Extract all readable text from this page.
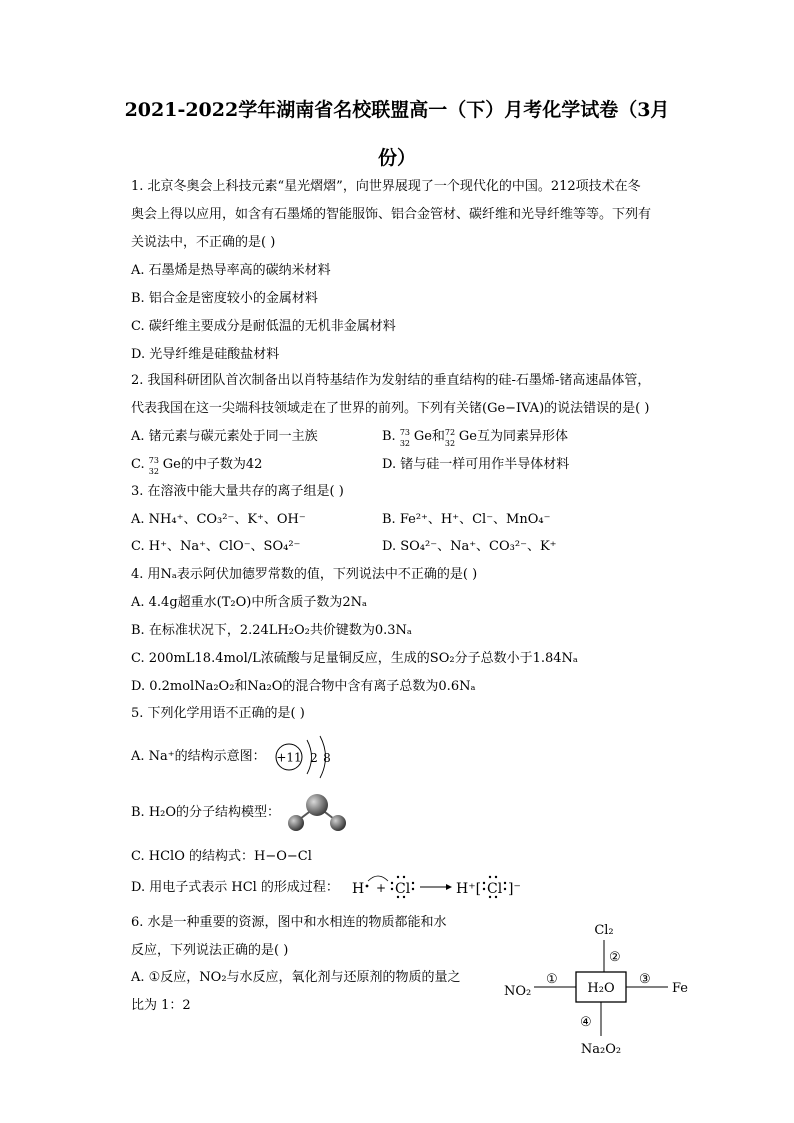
2021-2022学年湖南省名校联盟高一（下）月考化学试卷（3月
份）
1. 北京冬奥会上科技元素“星光熠熠”，向世界展现了一个现代化的中国。212项技术在冬
奥会上得以应用，如含有石墨烯的智能服饰、铝合金管材、碳纤维和光导纤维等等。下列有
关说法中，不正确的是( )
A. 石墨烯是热导率高的碳纳米材料
B. 铝合金是密度较小的金属材料
C. 碳纤维主要成分是耐低温的无机非金属材料
D. 光导纤维是硅酸盐材料
2. 我国科研团队首次制备出以肖特基结作为发射结的垂直结构的硅-石墨烯-锗高速晶体管，
代表我国在这一尖端科技领域走在了世界的前列。下列有关锗(Ge−IVA)的说法错误的是( )
A. 锗元素与碳元素处于同一主族	B. 73
32 Ge和 72
32 Ge互为同素异形体
C. 73
32 Ge的中子数为42	D. 锗与硅一样可用作半导体材料
3. 在溶液中能大量共存的离子组是( )
A. NH₄⁺、CO₃²⁻、K⁺、OH⁻	B. Fe²⁺、H⁺、Cl⁻、MnO₄⁻
C. H⁺、Na⁺、ClO⁻、SO₄²⁻	D. SO₄²⁻、Na⁺、CO₃²⁻、K⁺
4. 用Nₐ表示阿伏加德罗常数的值，下列说法中不正确的是( )
A. 4.4g超重水(T₂O)中所含质子数为2Nₐ
B. 在标准状况下，2.24LH₂O₂共价键数为0.3Nₐ
C. 200mL18.4mol/L浓硫酸与足量铜反应，生成的SO₂分子总数小于1.84Nₐ
D. 0.2molNa₂O₂和Na₂O的混合物中含有离子总数为0.6Nₐ
5. 下列化学用语不正确的是( )
A. Na⁺的结构示意图： +11 2 8
B. H₂O的分子结构模型：
C. HClO 的结构式：H−O−Cl
D. 用电子式表示 HCl 的形成过程： H + Cl	H⁺[ Cl ]⁻
6. 水是一种重要的资源，图中和水相连的物质都能和水
反应，下列说法正确的是( )
A. ①反应，NO₂与水反应，氧化剂与还原剂的物质的量之
比为 1：2
Cl₂
②
H₂O
NO₂
①	③
Fe
④
Na₂O₂
